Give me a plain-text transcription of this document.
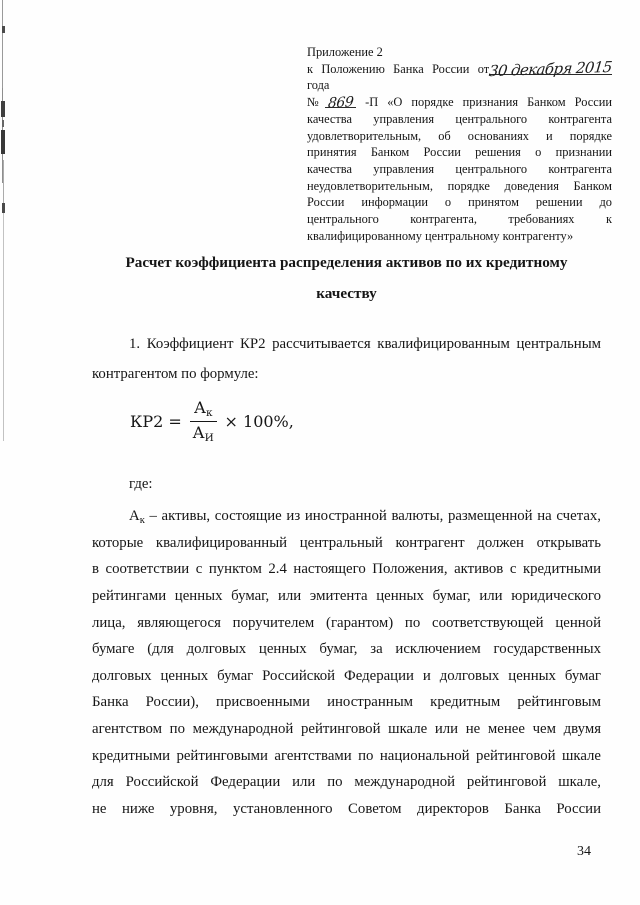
Приложение 2
к Положению Банка России от30 декабря 2015года
№ 869 -П «О порядке признания Банком России
качества управления центрального контрагента
удовлетворительным, об основаниях и порядке
принятия Банком России решения о признании
качества управления центрального контрагента
неудовлетворительным, порядке доведения Банком
России информации о принятом решении до
центрального контрагента, требованиях к
квалифицированному центральному контрагенту»
Расчет коэффициента распределения активов по их кредитному
качеству
1. Коэффициент КР2 рассчитывается квалифицированным центральным
контрагентом по формуле:
$КР2 = \frac{Ак}{АИ} \times 100\%$,
где:
$А_к$ – активы, состоящие из иностранной валюты, размещенной на счетах,
которые квалифицированный центральный контрагент должен открывать
в соответствии с пунктом 2.4 настоящего Положения, активов с кредитными
рейтингами ценных бумаг, или эмитента ценных бумаг, или юридического
лица, являющегося поручителем (гарантом) по соответствующей ценной
бумаге (для долговых ценных бумаг, за исключением государственных
долговых ценных бумаг Российской Федерации и долговых ценных бумаг
Банка России), присвоенными иностранным кредитным рейтинговым
агентством по международной рейтинговой шкале или не менее чем двумя
кредитными рейтинговыми агентствами по национальной рейтинговой шкале
для Российской Федерации или по международной рейтинговой шкале,
не ниже уровня, установленного Советом директоров Банка России
34
